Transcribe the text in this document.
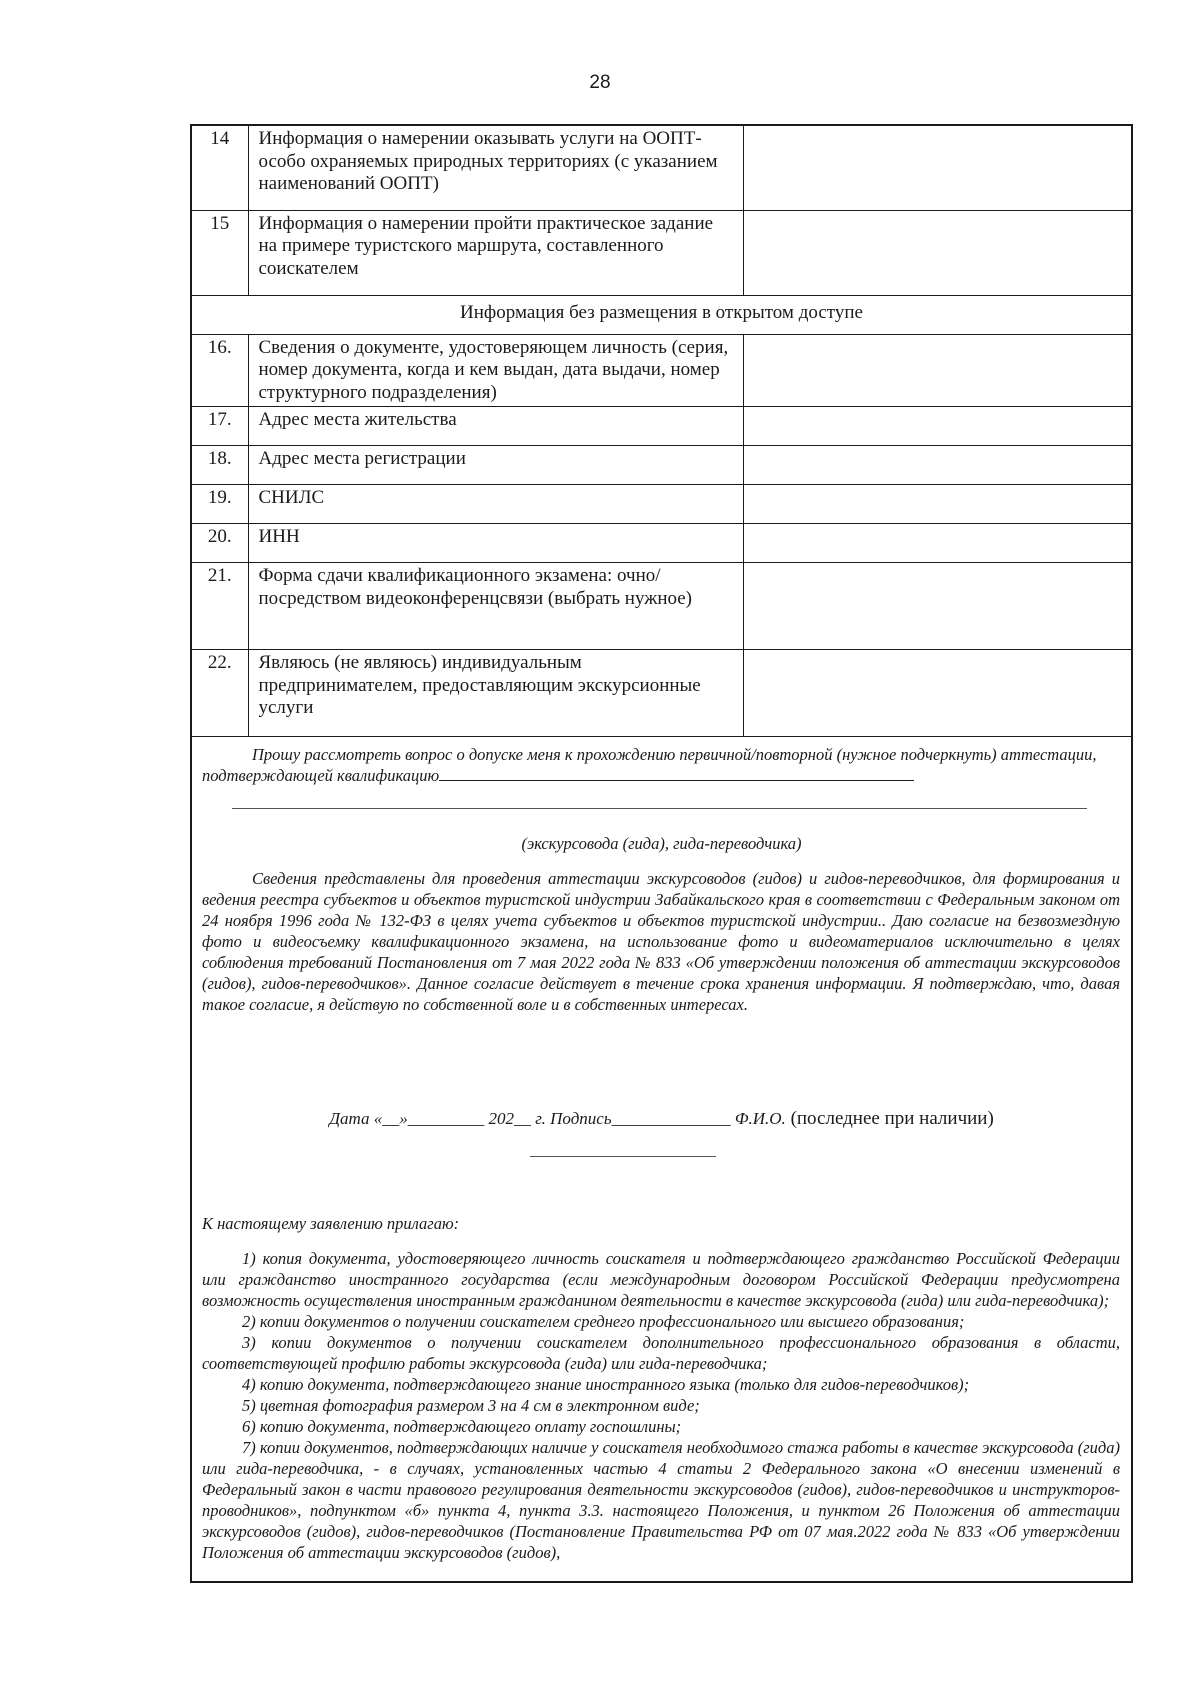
28
14	Информация о намерении оказывать услуги на ООПТ- особо охраняемых природных территориях (с указанием наименований ООПТ)	
15	Информация о намерении пройти практическое задание на примере туристского маршрута, составленного соискателем	
Информация без размещения в открытом доступе		
16.	Сведения о документе, удостоверяющем личность (серия, номер документа, когда и кем выдан, дата выдачи, номер структурного подразделения)	
17.	Адрес места жительства	
18.	Адрес места регистрации	
19.	СНИЛС	
20.	ИНН	
21.	Форма сдачи квалификационного экзамена: очно/посредством видеоконференцсвязи (выбрать нужное)	
22.	Являюсь (не являюсь) индивидуальным предпринимателем, предоставляющим экскурсионные услуги	
Прошу рассмотреть вопрос о допуске меня к прохождению первичной/повторной (нужное подчеркнуть) аттестации, подтверждающей квалификацию
(экскурсовода (гида), гида-переводчика)
Сведения представлены для проведения аттестации экскурсоводов (гидов) и гидов-переводчиков, для формирования и ведения реестра субъектов и объектов туристской индустрии Забайкальского края в соответствии с Федеральным законом от 24 ноября 1996 года № 132-ФЗ в целях учета субъектов и объектов туристской индустрии.. Даю согласие на безвозмездную фото и видеосъемку квалификационного экзамена, на использование фото и видеоматериалов исключительно в целях соблюдения требований Постановления от 7 мая 2022 года № 833 «Об утверждении положения об аттестации экскурсоводов (гидов), гидов-переводчиков». Данное согласие действует в течение срока хранения информации. Я подтверждаю, что, давая такое согласие, я действую по собственной воле и в собственных интересах.
Дата «__»_________ 202__ г. Подпись______________ Ф.И.О. (последнее при наличии)
К настоящему заявлению прилагаю:

1) копия документа, удостоверяющего личность соискателя и подтверждающего гражданство Российской Федерации или гражданство иностранного государства (если международным договором Российской Федерации предусмотрена возможность осуществления иностранным гражданином деятельности в качестве экскурсовода (гида) или гида-переводчика);

2) копии документов о получении соискателем среднего профессионального или высшего образования;

3) копии документов о получении соискателем дополнительного профессионального образования в области, соответствующей профилю работы экскурсовода (гида) или гида-переводчика;

4) копию документа, подтверждающего знание иностранного языка (только для гидов-переводчиков);

5) цветная фотография размером 3 на 4 см в электронном виде;

6) копию документа, подтверждающего оплату госпошлины;

7) копии документов, подтверждающих наличие у соискателя необходимого стажа работы в качестве экскурсовода (гида) или гида-переводчика, - в случаях, установленных частью 4 статьи 2 Федерального закона «О внесении изменений в Федеральный закон в части правового регулирования деятельности экскурсоводов (гидов), гидов-переводчиков и инструкторов-проводников», подпунктом «б» пункта 4, пункта 3.3. настоящего Положения, и пунктом 26 Положения об аттестации экскурсоводов (гидов), гидов-переводчиков (Постановление Правительства РФ от 07 мая.2022 года № 833 «Об утверждении Положения об аттестации экскурсоводов (гидов),
